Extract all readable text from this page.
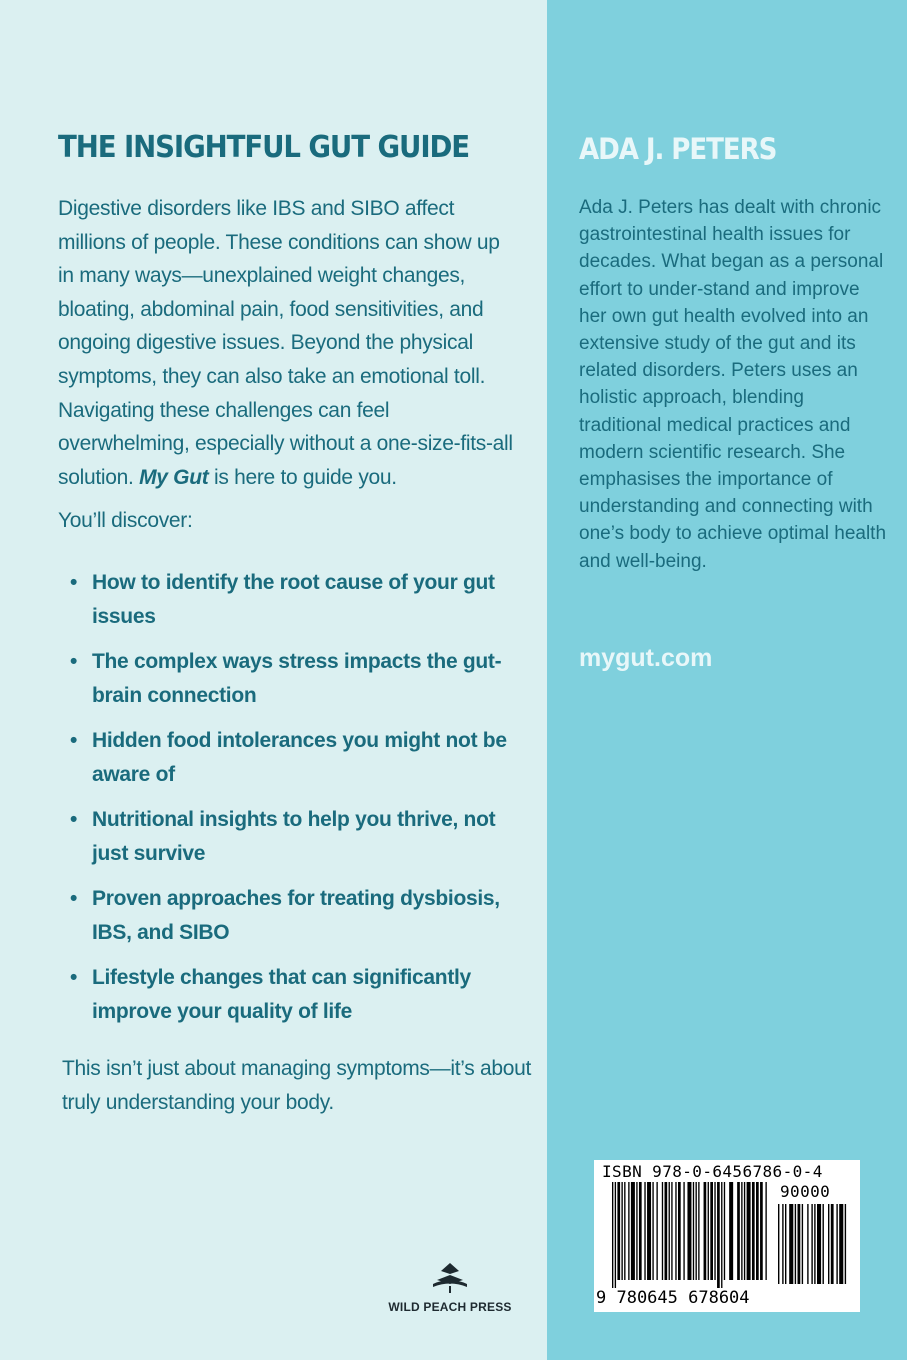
THE INSIGHTFUL GUT GUIDE

Digestive disorders like IBS and SIBO affect millions of people. These conditions can show up in many ways—unexplained weight changes, bloating, abdominal pain, food sensitivities, and ongoing digestive issues. Beyond the physical symptoms, they can also take an emotional toll. Navigating these challenges can feel overwhelming, especially without a one-size-fits-all solution. My Gut is here to guide you.

You’ll discover:

• How to identify the root cause of your gut issues
• The complex ways stress impacts the gut-brain connection
• Hidden food intolerances you might not be aware of
• Nutritional insights to help you thrive, not just survive
• Proven approaches for treating dysbiosis, IBS, and SIBO
• Lifestyle changes that can significantly improve your quality of life

This isn’t just about managing symptoms—it’s about truly understanding your body.

WILD PEACH PRESS
ADA J. PETERS

Ada J. Peters has dealt with chronic gastrointestinal health issues for decades. What began as a personal effort to under-stand and improve her own gut health evolved into an extensive study of the gut and its related disorders. Peters uses an holistic approach, blending traditional medical practices and modern scientific research. She emphasises the importance of understanding and connecting with one’s body to achieve optimal health and well-being.

mygut.com

ISBN 978-0-6456786-0-4
90000
9 780645 678604
